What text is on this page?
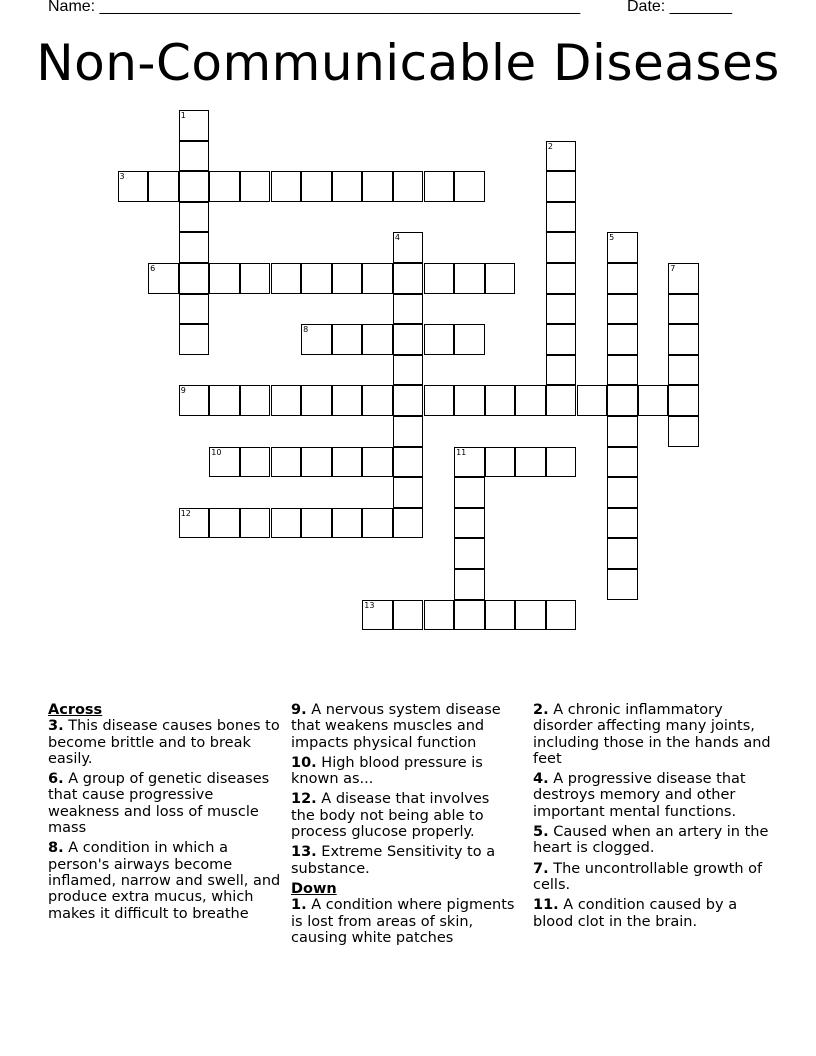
Name: ______________________________________________________	Date: _______
Non-Communicable Diseases
1
2
3
4	5
6	7
8
9
10	11
12
13
Across
3. This disease causes bones to become brittle and to break easily.
6. A group of genetic diseases that cause progressive weakness and loss of muscle mass
8. A condition in which a person's airways become inflamed, narrow and swell, and produce extra mucus, which makes it difficult to breathe
9. A nervous system disease that weakens muscles and impacts physical function
10. High blood pressure is known as...
12. A disease that involves the body not being able to process glucose properly.
13. Extreme Sensitivity to a substance.
Down
1. A condition where pigments is lost from areas of skin, causing white patches
2. A chronic inflammatory disorder affecting many joints, including those in the hands and feet
4. A progressive disease that destroys memory and other important mental functions.
5. Caused when an artery in the heart is clogged.
7. The uncontrollable growth of cells.
11. A condition caused by a blood clot in the brain.
